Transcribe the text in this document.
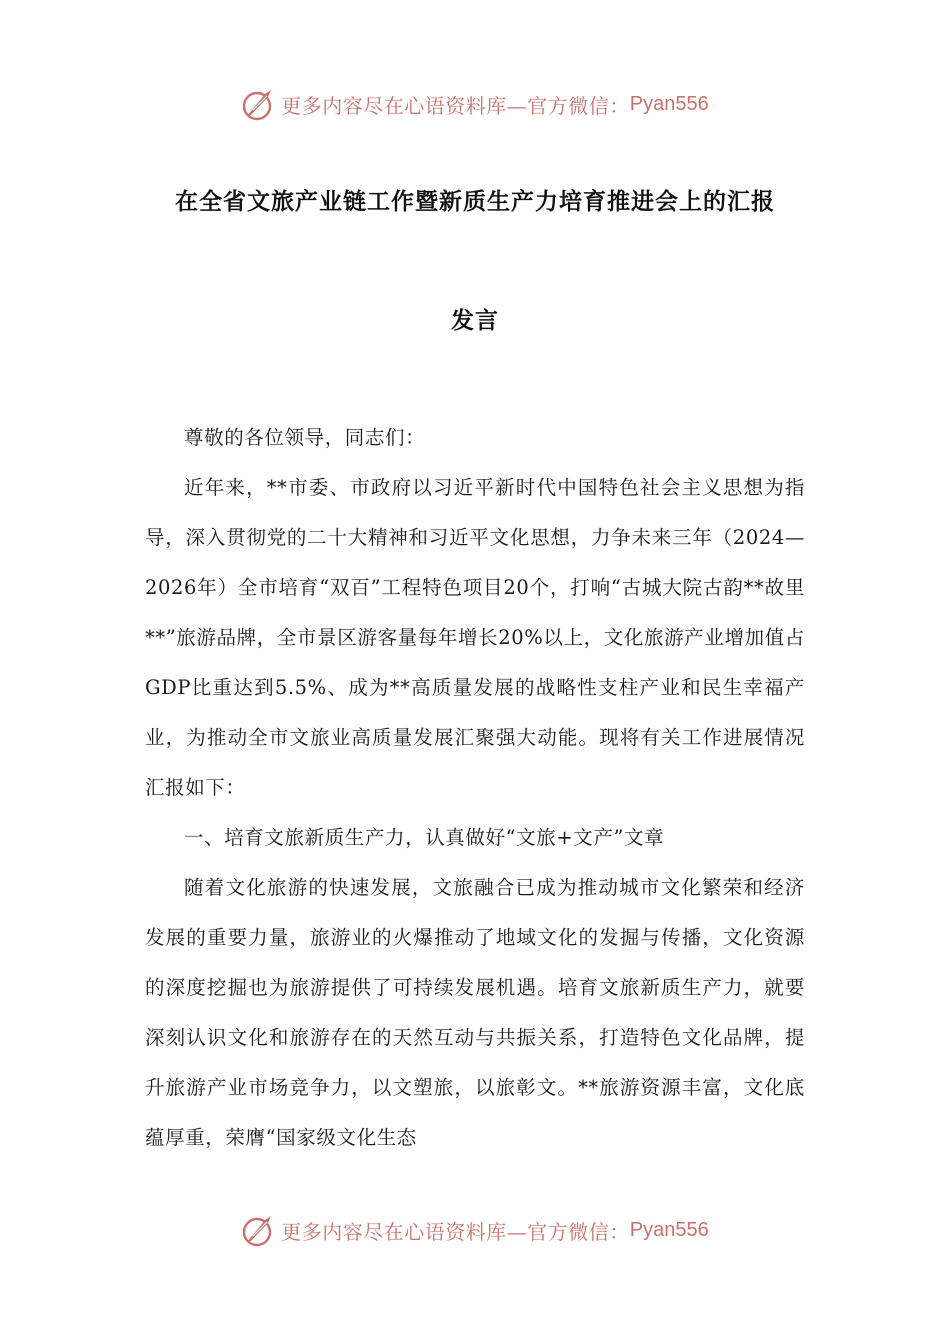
更多内容尽在心语资料库—官方微信： Pyan556
在全省文旅产业链工作暨新质生产力培育推进会上的汇报
发言

尊敬的各位领导，同志们：

近年来，**市委、市政府以习近平新时代中国特色社会主义思想为指导，深入贯彻党的二十大精神和习近平文化思想，力争未来三年（2024—2026年）全市培育“双百”工程特色项目20个，打响“古城大院古韵**故里**”旅游品牌，全市景区游客量每年增长20%以上，文化旅游产业增加值占GDP比重达到5.5%、成为**高质量发展的战略性支柱产业和民生幸福产业，为推动全市文旅业高质量发展汇聚强大动能。现将有关工作进展情况汇报如下：

一、培育文旅新质生产力，认真做好“文旅+文产”文章

随着文化旅游的快速发展，文旅融合已成为推动城市文化繁荣和经济发展的重要力量，旅游业的火爆推动了地域文化的发掘与传播，文化资源的深度挖掘也为旅游提供了可持续发展机遇。培育文旅新质生产力，就要深刻认识文化和旅游存在的天然互动与共振关系，打造特色文化品牌，提升旅游产业市场竞争力，以文塑旅，以旅彰文。**旅游资源丰富，文化底蕴厚重，荣膺“国家级文化生态

更多内容尽在心语资料库—官方微信： Pyan556
